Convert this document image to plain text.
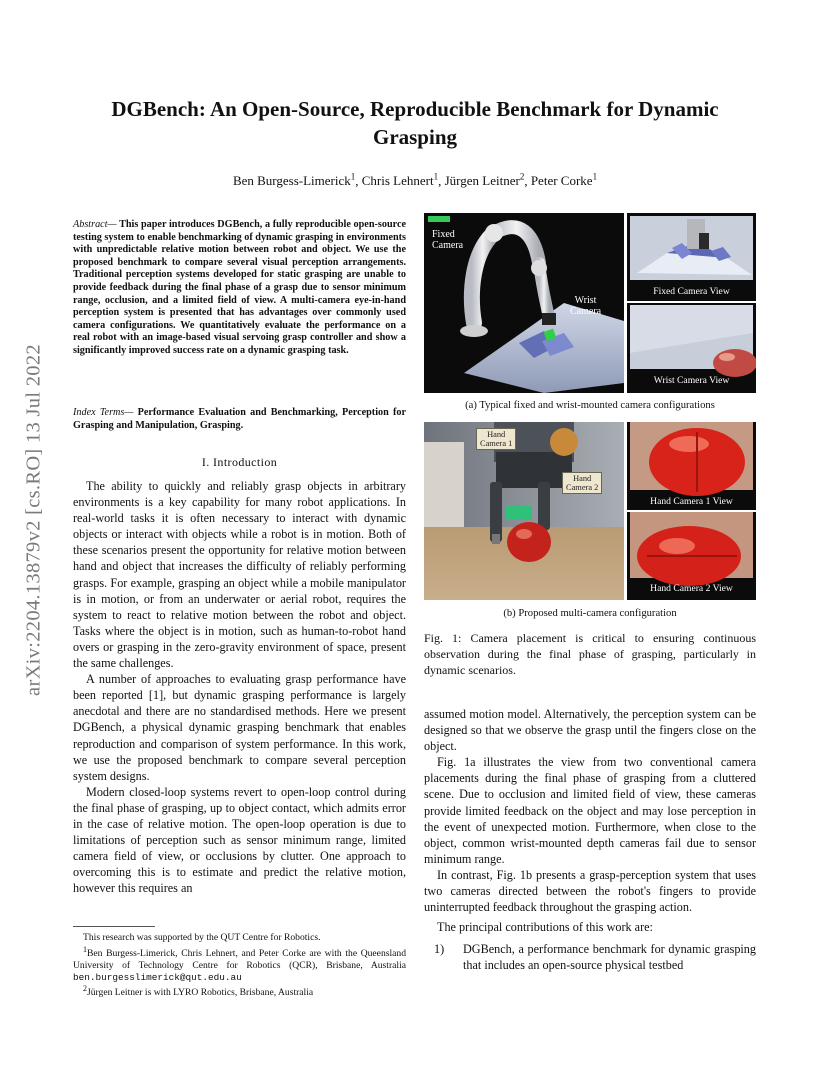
arXiv:2204.13879v2 [cs.RO] 13 Jul 2022
DGBench: An Open-Source, Reproducible Benchmark for Dynamic
Grasping
Ben Burgess-Limerick$^1$, Chris Lehnert$^1$, Jürgen Leitner$^2$, Peter Corke$^1$
Abstract— This paper introduces DGBench, a fully reproducible open-source testing system to enable benchmarking of dynamic grasping in environments with unpredictable relative motion between robot and object. We use the proposed benchmark to compare several visual perception arrangements. Traditional perception systems developed for static grasping are unable to provide feedback during the final phase of a grasp due to sensor minimum range, occlusion, and a limited field of view. A multi-camera eye-in-hand perception system is presented that has advantages over commonly used camera configurations. We quantitatively evaluate the performance on a real robot with an image-based visual servoing grasp controller and show a significantly improved success rate on a dynamic grasping task.
Index Terms— Performance Evaluation and Benchmarking, Perception for Grasping and Manipulation, Grasping.
I. Introduction

The ability to quickly and reliably grasp objects in arbitrary environments is a key capability for many robot applications. In real-world tasks it is often necessary to interact with dynamic objects or interact with objects while a robot is in motion. Both of these scenarios present the opportunity for relative motion between hand and object that increases the difficulty of reliably performing grasps. For example, grasping an object while a mobile manipulator is in motion, or from an underwater or aerial robot, requires the system to react to relative motion between the robot and object. Tasks where the object is in motion, such as human-to-robot hand overs or grasping in the zero-gravity environment of space, present the same challenges.

A number of approaches to evaluating grasp performance have been reported [1], but dynamic grasping performance is largely anecdotal and there are no standardised methods. Here we present DGBench, a physical dynamic grasping benchmark that enables reproduction and comparison of system performance. In this work, we use the proposed benchmark to compare several perception system designs.

Modern closed-loop systems revert to open-loop control during the final phase of grasping, up to object contact, which admits error in the case of relative motion. The open-loop operation is due to limitations of perception such as sensor minimum range, limited camera field of view, or occlusions by clutter. One approach to overcoming this is to estimate and predict the relative motion, however this requires an

This research was supported by the QUT Centre for Robotics.

$^1$Ben Burgess-Limerick, Chris Lehnert, and Peter Corke are with the Queensland University of Technology Centre for Robotics (QCR), Brisbane, Australia ben.burgesslimerick@qut.edu.au

$^2$Jürgen Leitner is with LYRO Robotics, Brisbane, Australia

Fixed
Camera
Wrist
Camera
Fixed Camera View
Wrist Camera View
(a) Typical fixed and wrist-mounted camera configurations
Hand
Camera 1
Hand
Camera 2
Hand Camera 1 View
Hand Camera 2 View
(b) Proposed multi-camera configuration
Fig. 1: Camera placement is critical to ensuring continuous observation during the final phase of grasping, particularly in dynamic scenarios.

assumed motion model. Alternatively, the perception system can be designed so that we observe the grasp until the fingers close on the object.

Fig. 1a illustrates the view from two conventional camera placements during the final phase of grasping from a cluttered scene. Due to occlusion and limited field of view, these cameras provide limited feedback on the object and may lose perception in the event of unexpected motion. Furthermore, when close to the object, common wrist-mounted depth cameras fail due to sensor minimum range.

In contrast, Fig. 1b presents a grasp-perception system that uses two cameras directed between the robot's fingers to provide uninterrupted feedback throughout the grasping action.

The principal contributions of this work are:

1)	DGBench, a performance benchmark for dynamic grasping that includes an open-source physical testbed
